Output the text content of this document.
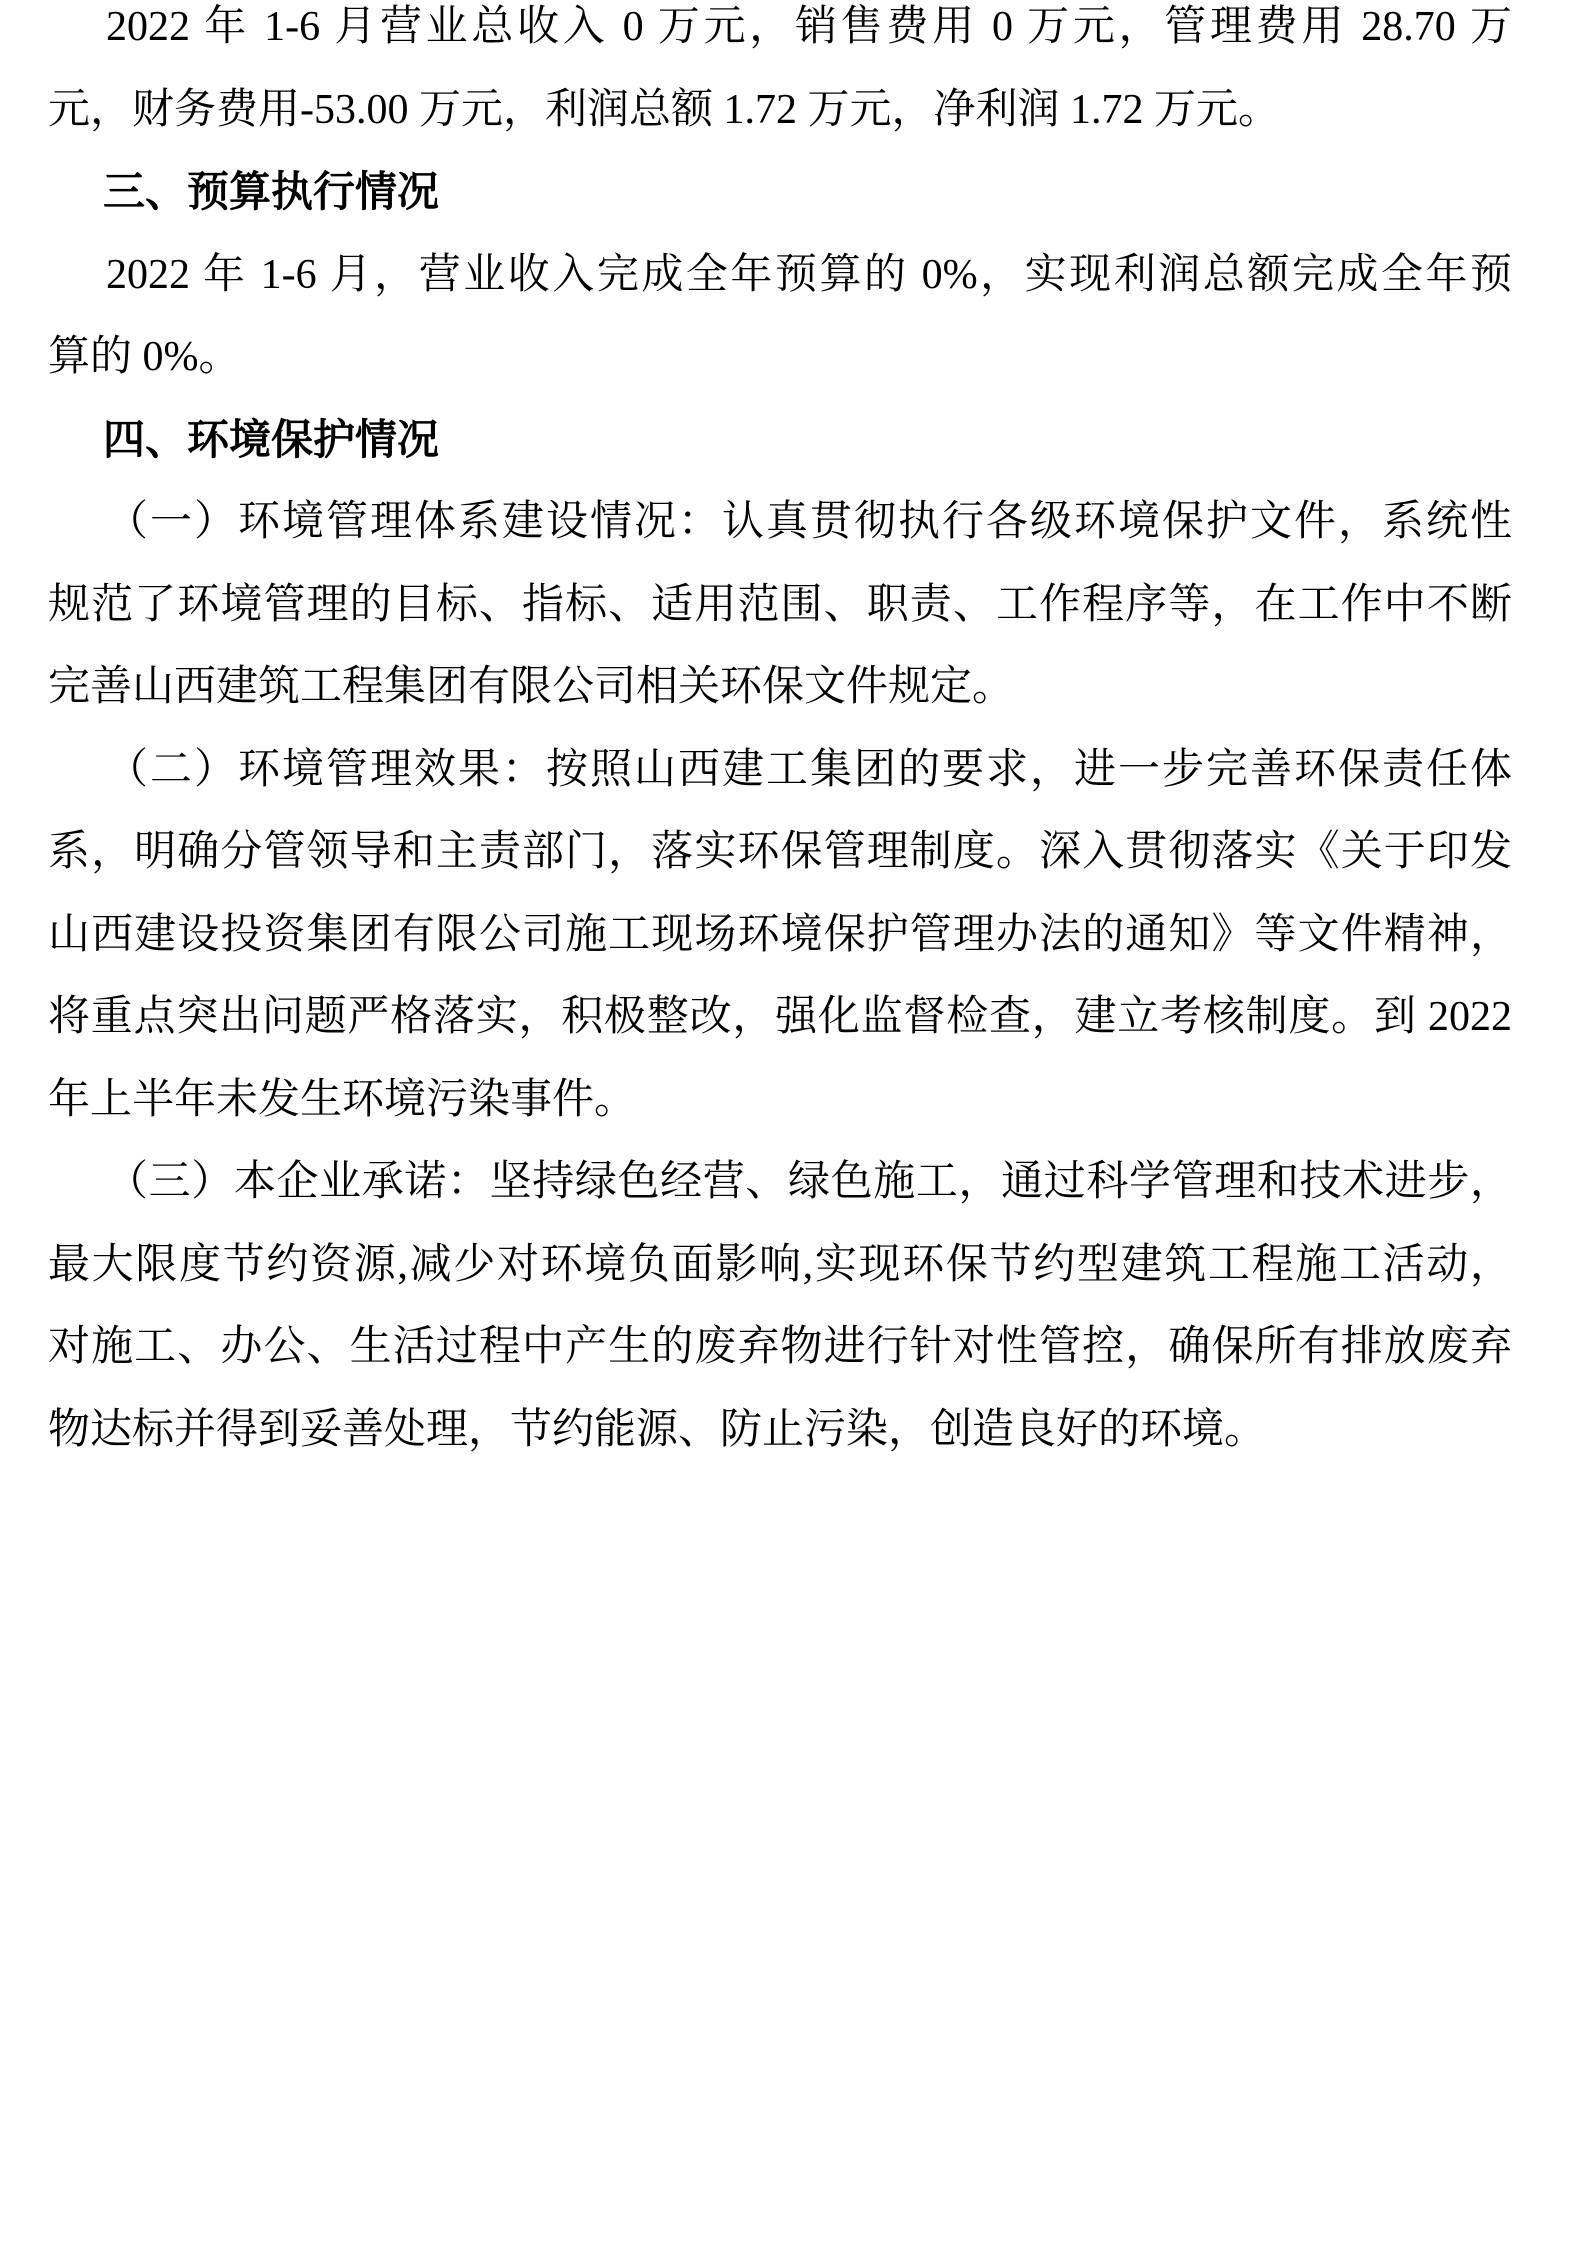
2022 年 1-6 月营业总收入 0 万元，销售费用 0 万元，管理费用 28.70 万
元，财务费用-53.00 万元，利润总额 1.72 万元，净利润 1.72 万元。
三、预算执行情况
2022 年 1-6 月，营业收入完成全年预算的 0%，实现利润总额完成全年预
算的 0%。
四、环境保护情况
（一）环境管理体系建设情况：认真贯彻执行各级环境保护文件，系统性
规范了环境管理的目标、指标、适用范围、职责、工作程序等，在工作中不断
完善山西建筑工程集团有限公司相关环保文件规定。
（二）环境管理效果：按照山西建工集团的要求，进一步完善环保责任体
系，明确分管领导和主责部门，落实环保管理制度。深入贯彻落实《关于印发
山西建设投资集团有限公司施工现场环境保护管理办法的通知》等文件精神，
将重点突出问题严格落实，积极整改，强化监督检查，建立考核制度。到 2022
年上半年未发生环境污染事件。
（三）本企业承诺：坚持绿色经营、绿色施工，通过科学管理和技术进步，
最大限度节约资源,减少对环境负面影响,实现环保节约型建筑工程施工活动，
对施工、办公、生活过程中产生的废弃物进行针对性管控，确保所有排放废弃
物达标并得到妥善处理，节约能源、防止污染，创造良好的环境。
